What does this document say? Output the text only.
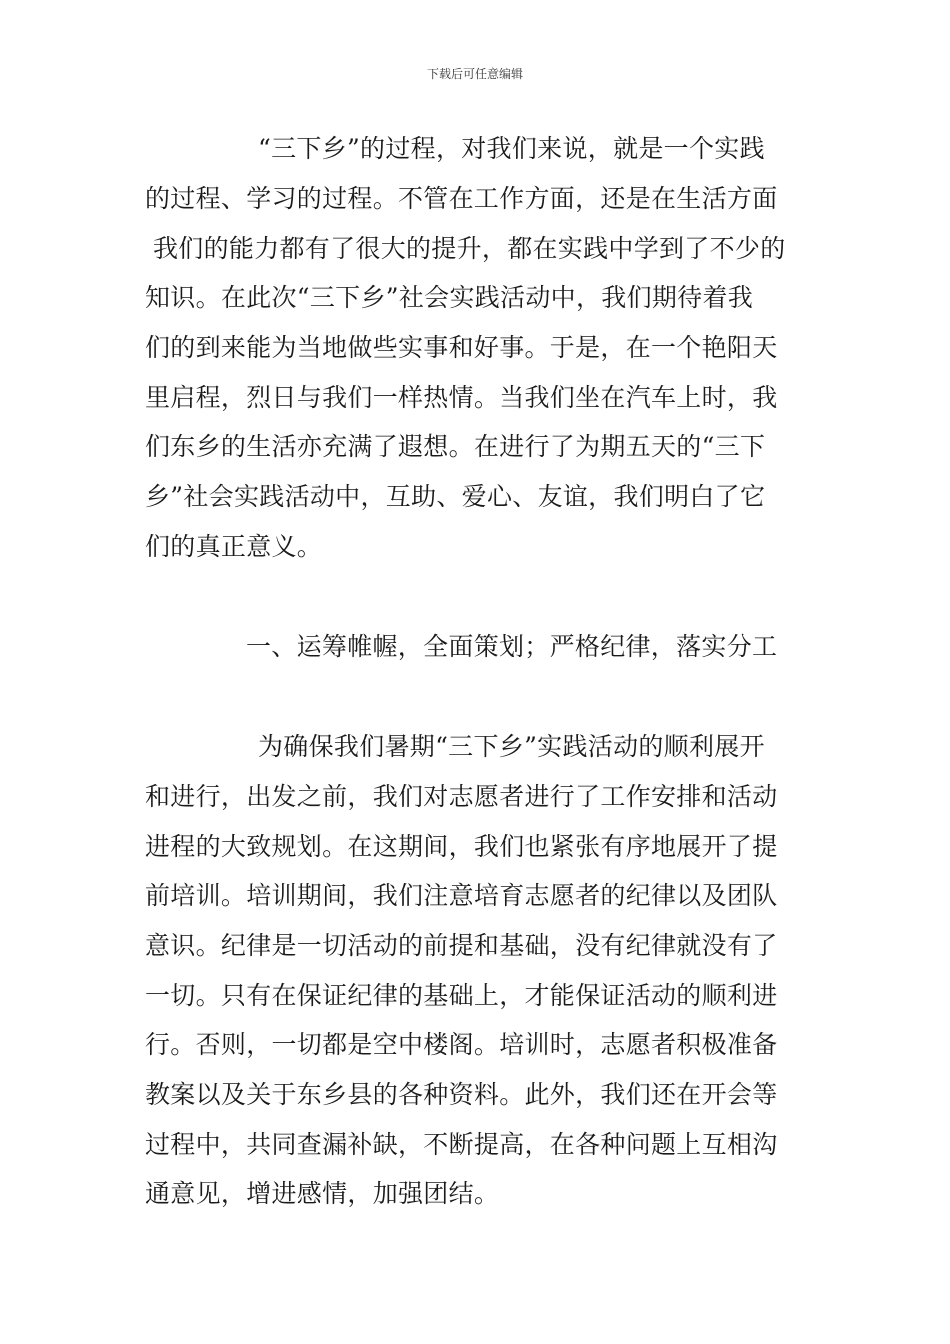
下载后可任意编辑
“三下乡”的过程，对我们来说，就是一个实践
的过程、学习的过程。不管在工作方面，还是在生活方面
我们的能力都有了很大的提升，都在实践中学到了不少的
知识。在此次“三下乡”社会实践活动中，我们期待着我
们的到来能为当地做些实事和好事。于是，在一个艳阳天
里启程，烈日与我们一样热情。当我们坐在汽车上时，我
们东乡的生活亦充满了遐想。在进行了为期五天的“三下
乡”社会实践活动中，互助、爱心、友谊，我们明白了它
们的真正意义。
一、运筹帷幄，全面策划；严格纪律，落实分工
为确保我们暑期“三下乡”实践活动的顺利展开
和进行，出发之前，我们对志愿者进行了工作安排和活动
进程的大致规划。在这期间，我们也紧张有序地展开了提
前培训。培训期间，我们注意培育志愿者的纪律以及团队
意识。纪律是一切活动的前提和基础，没有纪律就没有了
一切。只有在保证纪律的基础上，才能保证活动的顺利进
行。否则，一切都是空中楼阁。培训时，志愿者积极准备
教案以及关于东乡县的各种资料。此外，我们还在开会等
过程中，共同查漏补缺，不断提高，在各种问题上互相沟
通意见，增进感情，加强团结。
